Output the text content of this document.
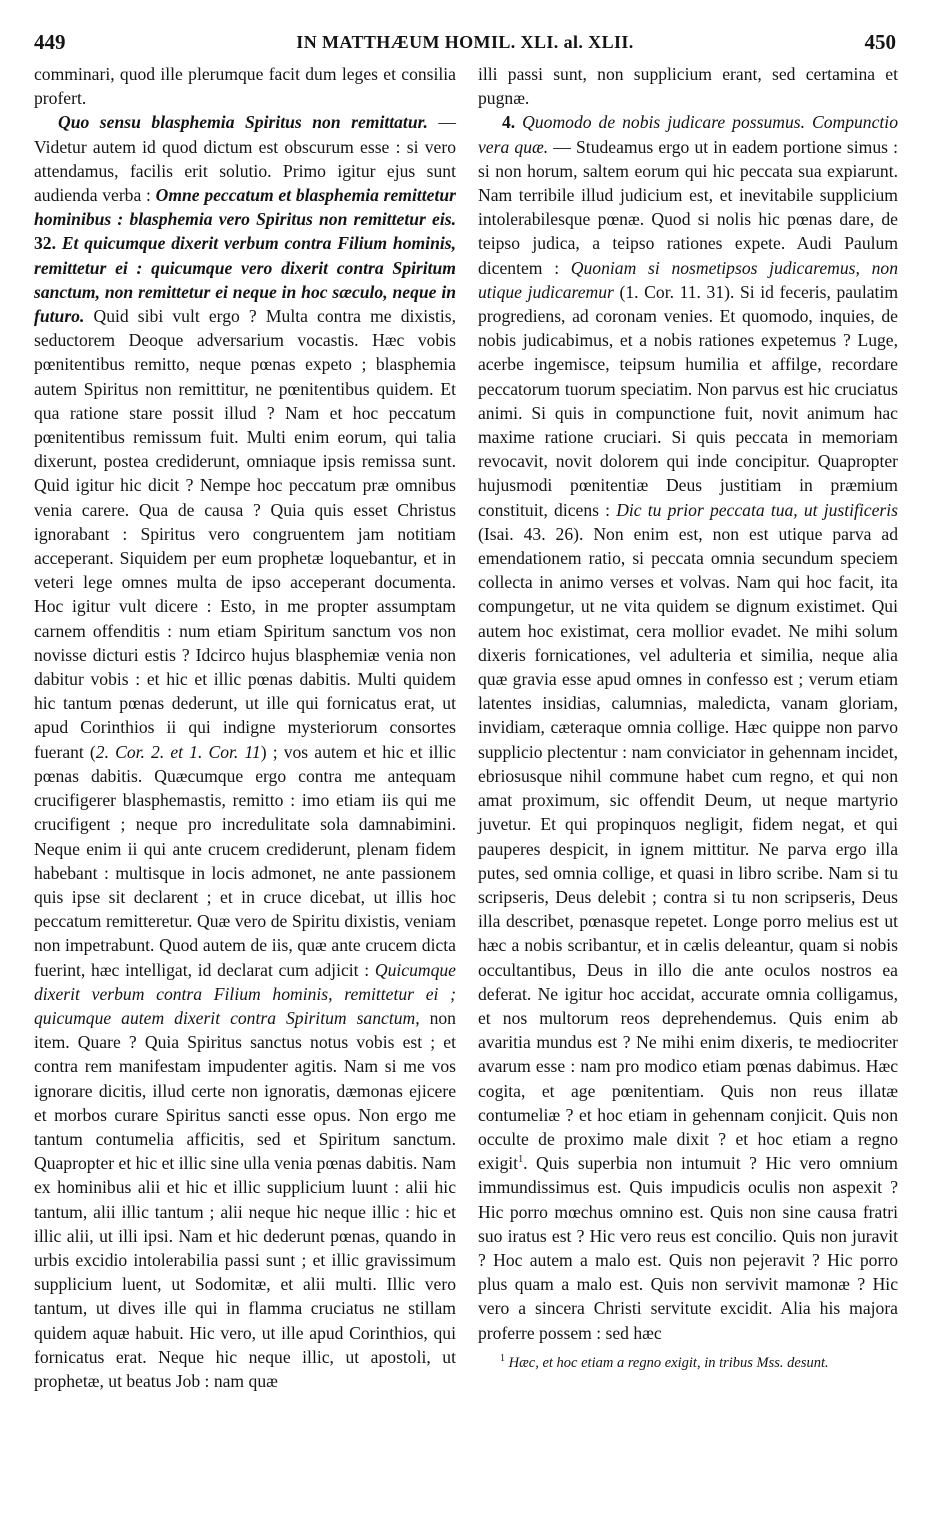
449	IN MATTHÆUM HOMIL. XLI. al. XLII.	450

comminari, quod ille plerumque facit dum leges et consilia profert.

Quo sensu blasphemia Spiritus non remittatur. — Videtur autem id quod dictum est obscurum esse : si vero attendamus, facilis erit solutio. Primo igitur ejus sunt audienda verba : Omne peccatum et blasphemia remittetur hominibus : blasphemia vero Spiritus non remittetur eis. 32. Et quicumque dixerit verbum contra Filium hominis, remittetur ei : quicumque vero dixerit contra Spiritum sanctum, non remittetur ei neque in hoc sæculo, neque in futuro. Quid sibi vult ergo ? Multa contra me dixistis, seductorem Deoque adversarium vocastis. Hæc vobis pœnitentibus remitto, neque pœnas expeto ; blasphemia autem Spiritus non remittitur, ne pœnitentibus quidem. Et qua ratione stare possit illud ? Nam et hoc peccatum pœnitentibus remissum fuit. Multi enim eorum, qui talia dixerunt, postea crediderunt, omniaque ipsis remissa sunt. Quid igitur hic dicit ? Nempe hoc peccatum præ omnibus venia carere. Qua de causa ? Quia quis esset Christus ignorabant : Spiritus vero congruentem jam notitiam acceperant. Siquidem per eum prophetæ loquebantur, et in veteri lege omnes multa de ipso acceperant documenta. Hoc igitur vult dicere : Esto, in me propter assumptam carnem offenditis : num etiam Spiritum sanctum vos non novisse dicturi estis ? Idcirco hujus blasphemiæ venia non dabitur vobis : et hic et illic pœnas dabitis. Multi quidem hic tantum pœnas dederunt, ut ille qui fornicatus erat, ut apud Corinthios ii qui indigne mysteriorum consortes fuerant (2. Cor. 2. et 1. Cor. 11) ; vos autem et hic et illic pœnas dabitis. Quæcumque ergo contra me antequam crucifigerer blasphemastis, remitto : imo etiam iis qui me crucifigent ; neque pro incredulitate sola damnabimini. Neque enim ii qui ante crucem crediderunt, plenam fidem habebant : multisque in locis admonet, ne ante passionem quis ipse sit declarent ; et in cruce dicebat, ut illis hoc peccatum remitteretur. Quæ vero de Spiritu dixistis, veniam non impetrabunt. Quod autem de iis, quæ ante crucem dicta fuerint, hæc intelligat, id declarat cum adjicit : Quicumque dixerit verbum contra Filium hominis, remittetur ei ; quicumque autem dixerit contra Spiritum sanctum, non item. Quare ? Quia Spiritus sanctus notus vobis est ; et contra rem manifestam impudenter agitis. Nam si me vos ignorare dicitis, illud certe non ignoratis, dæmonas ejicere et morbos curare Spiritus sancti esse opus. Non ergo me tantum contumelia afficitis, sed et Spiritum sanctum. Quapropter et hic et illic sine ulla venia pœnas dabitis. Nam ex hominibus alii et hic et illic supplicium luunt : alii hic tantum, alii illic tantum ; alii neque hic neque illic : hic et illic alii, ut illi ipsi. Nam et hic dederunt pœnas, quando in urbis excidio intolerabilia passi sunt ; et illic gravissimum supplicium luent, ut Sodomitæ, et alii multi. Illic vero tantum, ut dives ille qui in flamma cruciatus ne stillam quidem aquæ habuit. Hic vero, ut ille apud Corinthios, qui fornicatus erat. Neque hic neque illic, ut apostoli, ut prophetæ, ut beatus Job : nam quæ

illi passi sunt, non supplicium erant, sed certamina et pugnæ.

4. Quomodo de nobis judicare possumus. Compunctio vera quæ. — Studeamus ergo ut in eadem portione simus : si non horum, saltem eorum qui hic peccata sua expiarunt. Nam terribile illud judicium est, et inevitabile supplicium intolerabilesque pœnæ. Quod si nolis hic pœnas dare, de teipso judica, a teipso rationes expete. Audi Paulum dicentem : Quoniam si nosmetipsos judicaremus, non utique judicaremur (1. Cor. 11. 31). Si id feceris, paulatim progrediens, ad coronam venies. Et quomodo, inquies, de nobis judicabimus, et a nobis rationes expetemus ? Luge, acerbe ingemisce, teipsum humilia et affilge, recordare peccatorum tuorum speciatim. Non parvus est hic cruciatus animi. Si quis in compunctione fuit, novit animum hac maxime ratione cruciari. Si quis peccata in memoriam revocavit, novit dolorem qui inde concipitur. Quapropter hujusmodi pœnitentiæ Deus justitiam in præmium constituit, dicens : Dic tu prior peccata tua, ut justificeris (Isai. 43. 26). Non enim est, non est utique parva ad emendationem ratio, si peccata omnia secundum speciem collecta in animo verses et volvas. Nam qui hoc facit, ita compungetur, ut ne vita quidem se dignum existimet. Qui autem hoc existimat, cera mollior evadet. Ne mihi solum dixeris fornicationes, vel adulteria et similia, neque alia quæ gravia esse apud omnes in confesso est ; verum etiam latentes insidias, calumnias, maledicta, vanam gloriam, invidiam, cæteraque omnia collige. Hæc quippe non parvo supplicio plectentur : nam conviciator in gehennam incidet, ebriosusque nihil commune habet cum regno, et qui non amat proximum, sic offendit Deum, ut neque martyrio juvetur. Et qui propinquos negligit, fidem negat, et qui pauperes despicit, in ignem mittitur. Ne parva ergo illa putes, sed omnia collige, et quasi in libro scribe. Nam si tu scripseris, Deus delebit ; contra si tu non scripseris, Deus illa describet, pœnasque repetet. Longe porro melius est ut hæc a nobis scribantur, et in cælis deleantur, quam si nobis occultantibus, Deus in illo die ante oculos nostros ea deferat. Ne igitur hoc accidat, accurate omnia colligamus, et nos multorum reos deprehendemus. Quis enim ab avaritia mundus est ? Ne mihi enim dixeris, te mediocriter avarum esse : nam pro modico etiam pœnas dabimus. Hæc cogita, et age pœnitentiam. Quis non reus illatæ contumeliæ ? et hoc etiam in gehennam conjicit. Quis non occulte de proximo male dixit ? et hoc etiam a regno exigit$^1$. Quis superbia non intumuit ? Hic vero omnium immundissimus est. Quis impudicis oculis non aspexit ? Hic porro mœchus omnino est. Quis non sine causa fratri suo iratus est ? Hic vero reus est concilio. Quis non juravit ? Hoc autem a malo est. Quis non pejeravit ? Hic porro plus quam a malo est. Quis non servivit mamonæ ? Hic vero a sincera Christi servitute excidit. Alia his majora proferre possem : sed hæc

$^1$ Hæc, et hoc etiam a regno exigit, in tribus Mss. desunt.
